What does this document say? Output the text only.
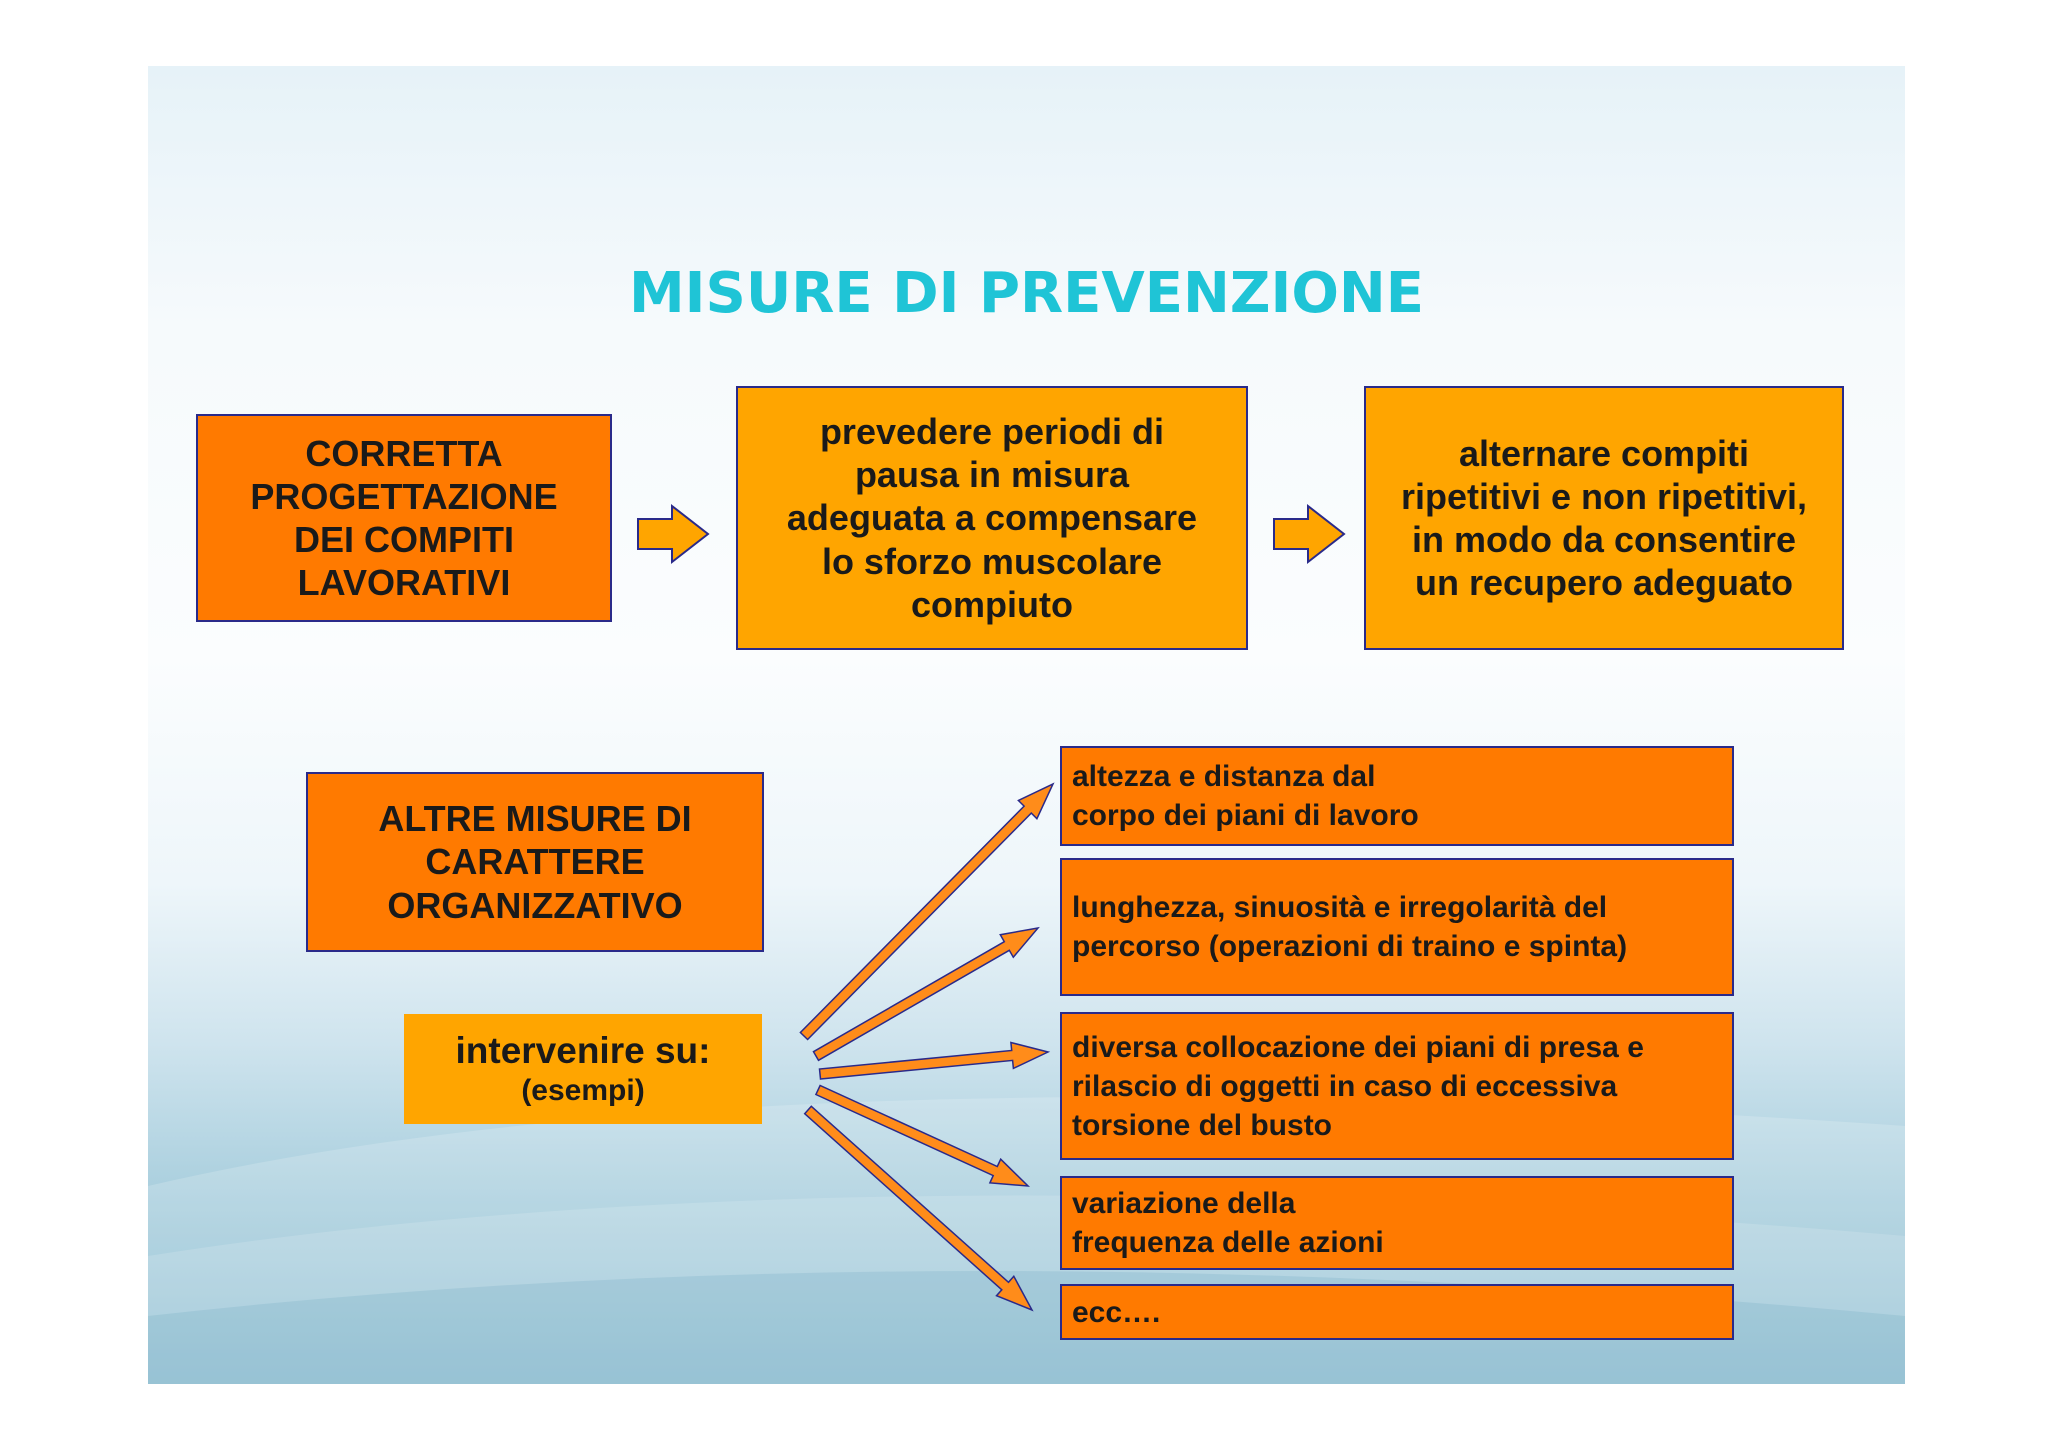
MISURE DI PREVENZIONE
CORRETTA
PROGETTAZIONE
DEI COMPITI
LAVORATIVI
prevedere periodi di
pausa in misura
adeguata a compensare
lo sforzo muscolare
compiuto
alternare compiti
ripetitivi e non ripetitivi,
in modo da consentire
un recupero adeguato
ALTRE MISURE DI
CARATTERE
ORGANIZZATIVO
intervenire su:
(esempi)
altezza e distanza dal
corpo dei piani di lavoro
lunghezza, sinuosità e irregolarità del
percorso (operazioni di traino e spinta)
diversa collocazione dei piani di presa e
rilascio di oggetti in caso di eccessiva
torsione del busto
variazione della
frequenza delle azioni
ecc….
